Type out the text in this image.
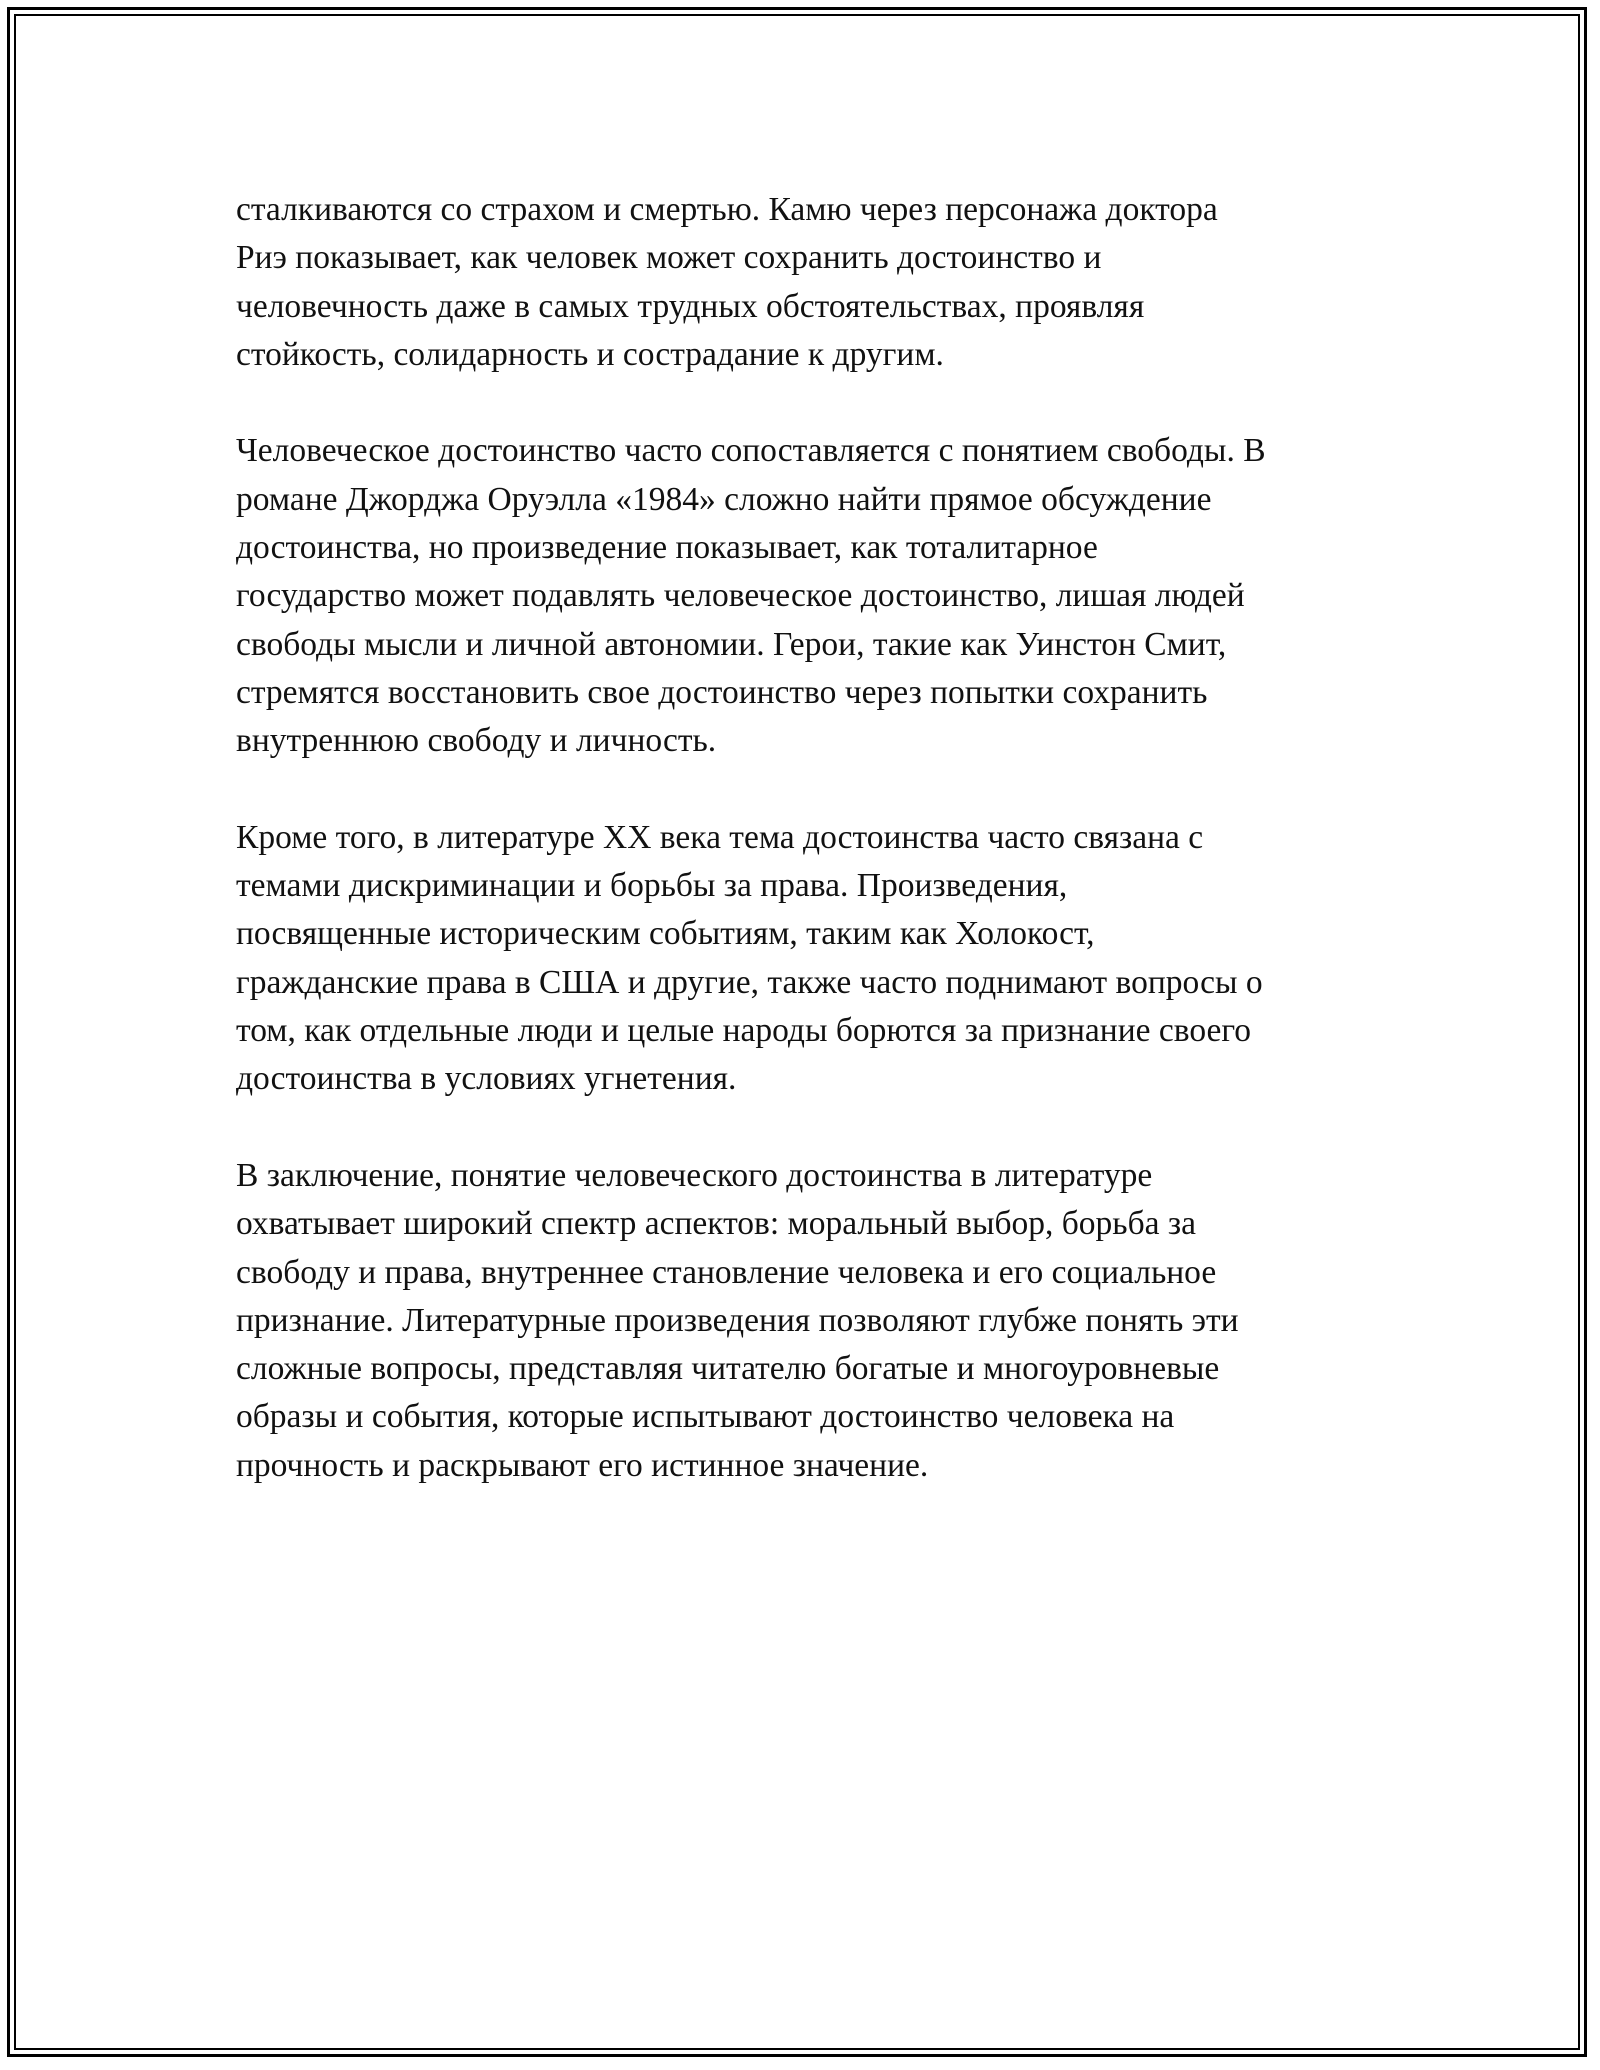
сталкиваются со страхом и смертью. Камю через персонажа доктора
Риэ показывает, как человек может сохранить достоинство и
человечность даже в самых трудных обстоятельствах, проявляя
стойкость, солидарность и сострадание к другим.

Человеческое достоинство часто сопоставляется с понятием свободы. В
романе Джорджа Оруэлла «1984» сложно найти прямое обсуждение
достоинства, но произведение показывает, как тоталитарное
государство может подавлять человеческое достоинство, лишая людей
свободы мысли и личной автономии. Герои, такие как Уинстон Смит,
стремятся восстановить свое достоинство через попытки сохранить
внутреннюю свободу и личность.

Кроме того, в литературе XX века тема достоинства часто связана с
темами дискриминации и борьбы за права. Произведения,
посвященные историческим событиям, таким как Холокост,
гражданские права в США и другие, также часто поднимают вопросы о
том, как отдельные люди и целые народы борются за признание своего
достоинства в условиях угнетения.

В заключение, понятие человеческого достоинства в литературе
охватывает широкий спектр аспектов: моральный выбор, борьба за
свободу и права, внутреннее становление человека и его социальное
признание. Литературные произведения позволяют глубже понять эти
сложные вопросы, представляя читателю богатые и многоуровневые
образы и события, которые испытывают достоинство человека на
прочность и раскрывают его истинное значение.
